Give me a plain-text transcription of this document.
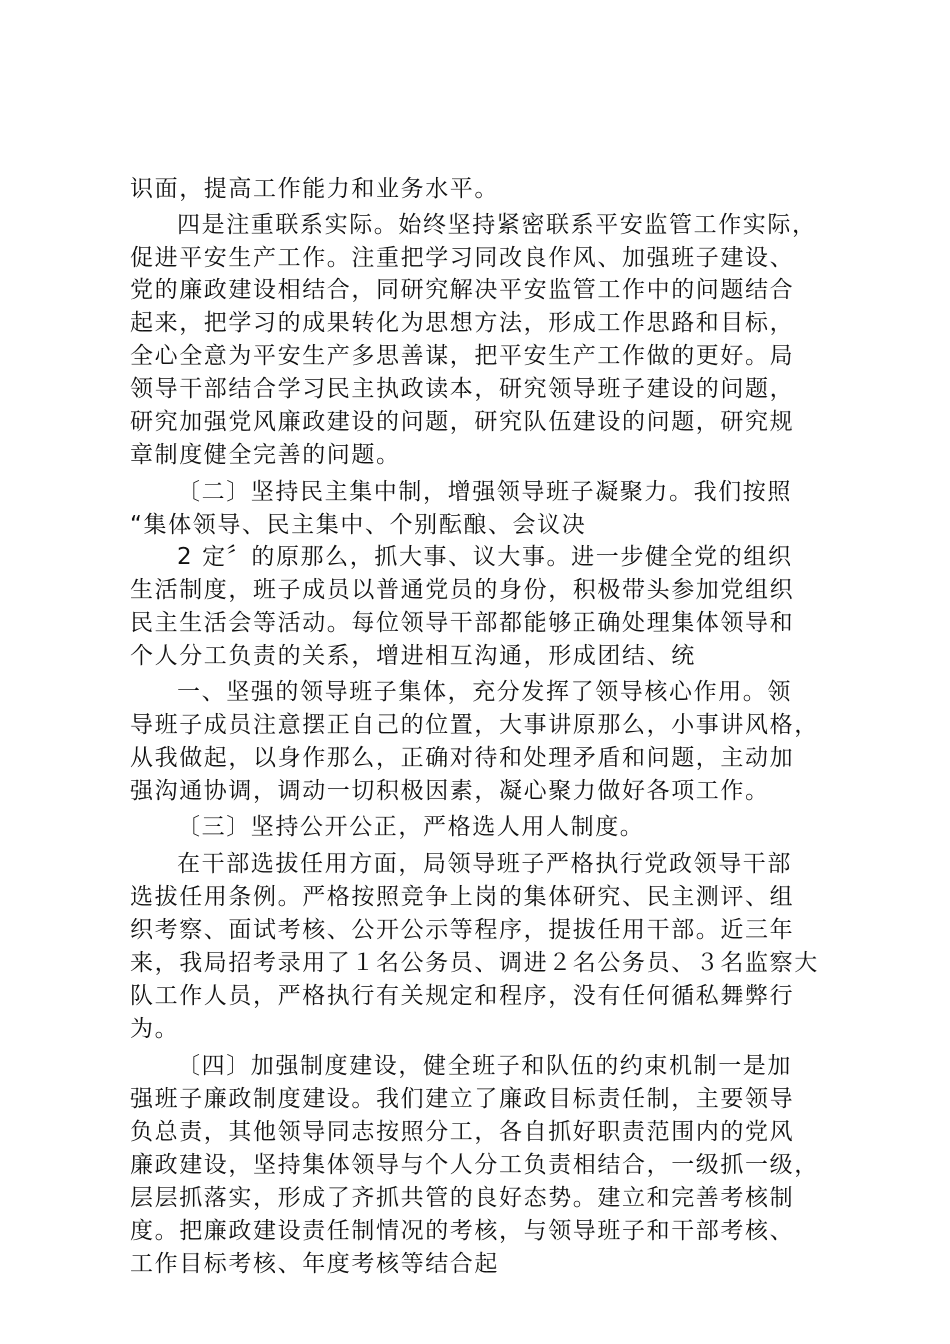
识面，提高工作能力和业务水平。
四是注重联系实际。始终坚持紧密联系平安监管工作实际，
促进平安生产工作。注重把学习同改良作风、加强班子建设、
党的廉政建设相结合，同研究解决平安监管工作中的问题结合
起来，把学习的成果转化为思想方法，形成工作思路和目标，
全心全意为平安生产多思善谋，把平安生产工作做的更好。局
领导干部结合学习民主执政读本，研究领导班子建设的问题，
研究加强党风廉政建设的问题，研究队伍建设的问题，研究规
章制度健全完善的问题。
〔二〕坚持民主集中制，增强领导班子凝聚力。我们按照
“集体领导、民主集中、个别酝酿、会议决
2 定〞的原那么，抓大事、议大事。进一步健全党的组织
生活制度，班子成员以普通党员的身份，积极带头参加党组织
民主生活会等活动。每位领导干部都能够正确处理集体领导和
个人分工负责的关系，增进相互沟通，形成团结、统
一、坚强的领导班子集体，充分发挥了领导核心作用。领
导班子成员注意摆正自己的位置，大事讲原那么，小事讲风格，
从我做起，以身作那么，正确对待和处理矛盾和问题，主动加
强沟通协调，调动一切积极因素，凝心聚力做好各项工作。
〔三〕坚持公开公正，严格选人用人制度。
在干部选拔任用方面，局领导班子严格执行党政领导干部
选拔任用条例。严格按照竞争上岗的集体研究、民主测评、组
织考察、面试考核、公开公示等程序，提拔任用干部。近三年
来，我局招考录用了１名公务员、调进２名公务员、３名监察大
队工作人员，严格执行有关规定和程序，没有任何循私舞弊行
为。
〔四〕加强制度建设，健全班子和队伍的约束机制一是加
强班子廉政制度建设。我们建立了廉政目标责任制，主要领导
负总责，其他领导同志按照分工，各自抓好职责范围内的党风
廉政建设，坚持集体领导与个人分工负责相结合，一级抓一级，
层层抓落实，形成了齐抓共管的良好态势。建立和完善考核制
度。把廉政建设责任制情况的考核，与领导班子和干部考核、
工作目标考核、年度考核等结合起
